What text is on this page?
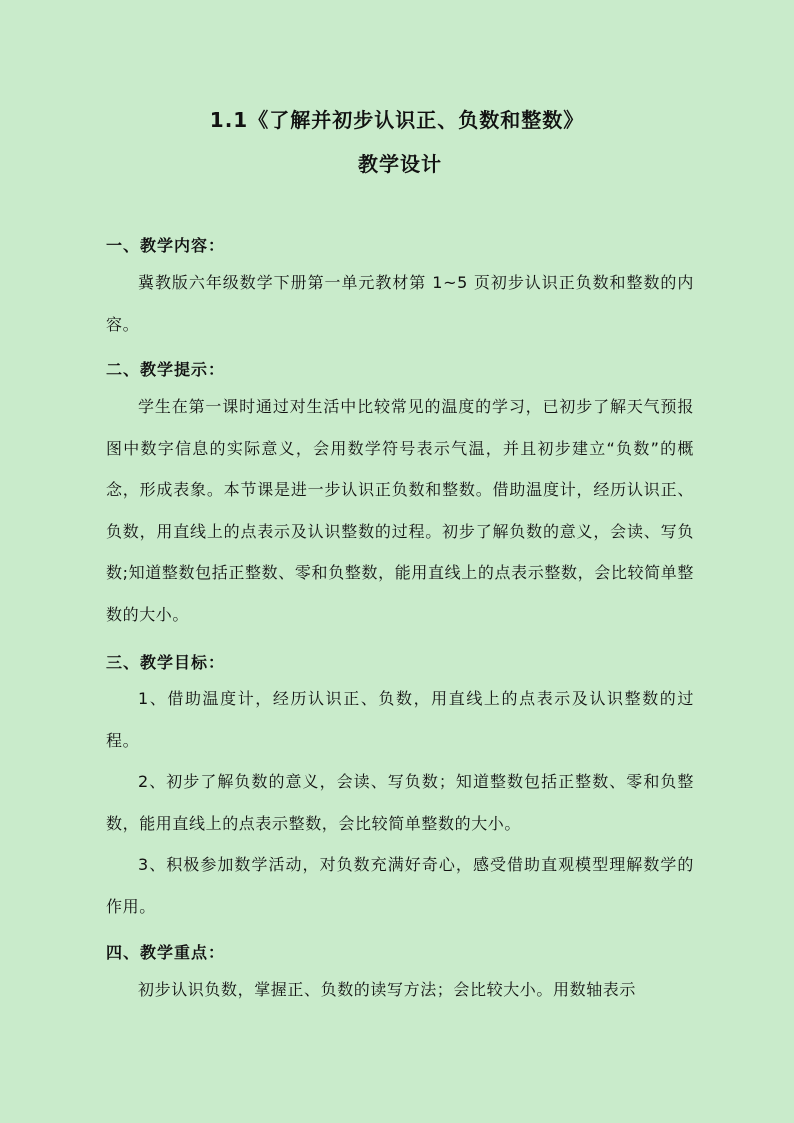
1.1《了解并初步认识正、负数和整数》
教学设计
一、教学内容：
冀教版六年级数学下册第一单元教材第 1~5 页初步认识正负数和整数的内容。
二、教学提示：
学生在第一课时通过对生活中比较常见的温度的学习，已初步了解天气预报图中数字信息的实际意义，会用数学符号表示气温，并且初步建立“负数”的概念，形成表象。本节课是进一步认识正负数和整数。借助温度计，经历认识正、负数，用直线上的点表示及认识整数的过程。初步了解负数的意义，会读、写负数;知道整数包括正整数、零和负整数，能用直线上的点表示整数，会比较简单整数的大小。
三、教学目标：
1、借助温度计，经历认识正、负数，用直线上的点表示及认识整数的过程。
2、初步了解负数的意义，会读、写负数；知道整数包括正整数、零和负整数，能用直线上的点表示整数，会比较简单整数的大小。
3、积极参加数学活动，对负数充满好奇心，感受借助直观模型理解数学的作用。
四、教学重点：
初步认识负数，掌握正、负数的读写方法；会比较大小。用数轴表示
